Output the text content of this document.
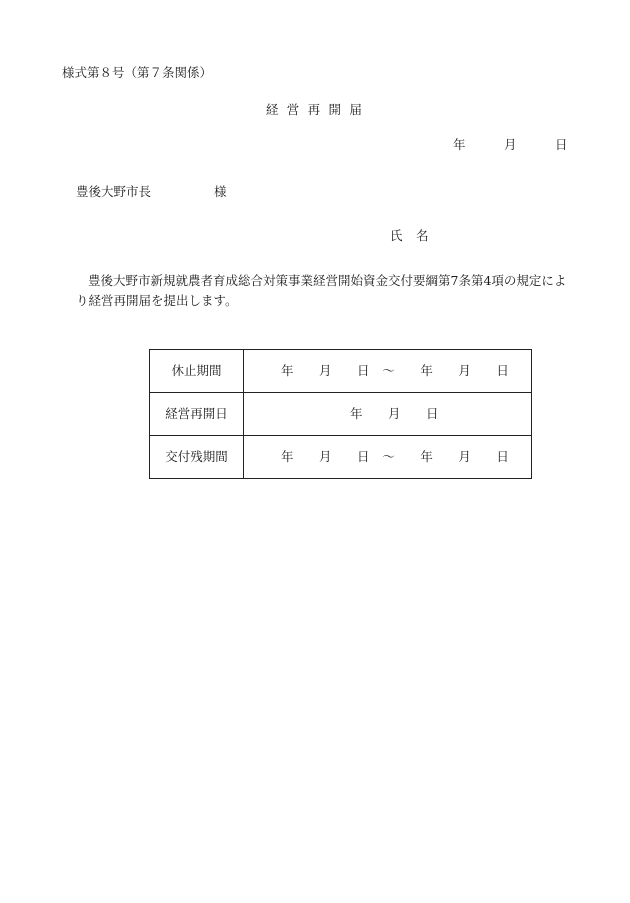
様式第８号（第７条関係）
経 営 再 開 届
年	月	日
豊後大野市長	様
氏 名
豊後大野市新規就農者育成総合対策事業経営開始資金交付要綱第7条第4項の規定によ
り経営再開届を提出します。
休止期間	年　　月　　日　～　　年　　月　　日
経営再開日	年　　月　　日
交付残期間	年　　月　　日　～　　年　　月　　日
